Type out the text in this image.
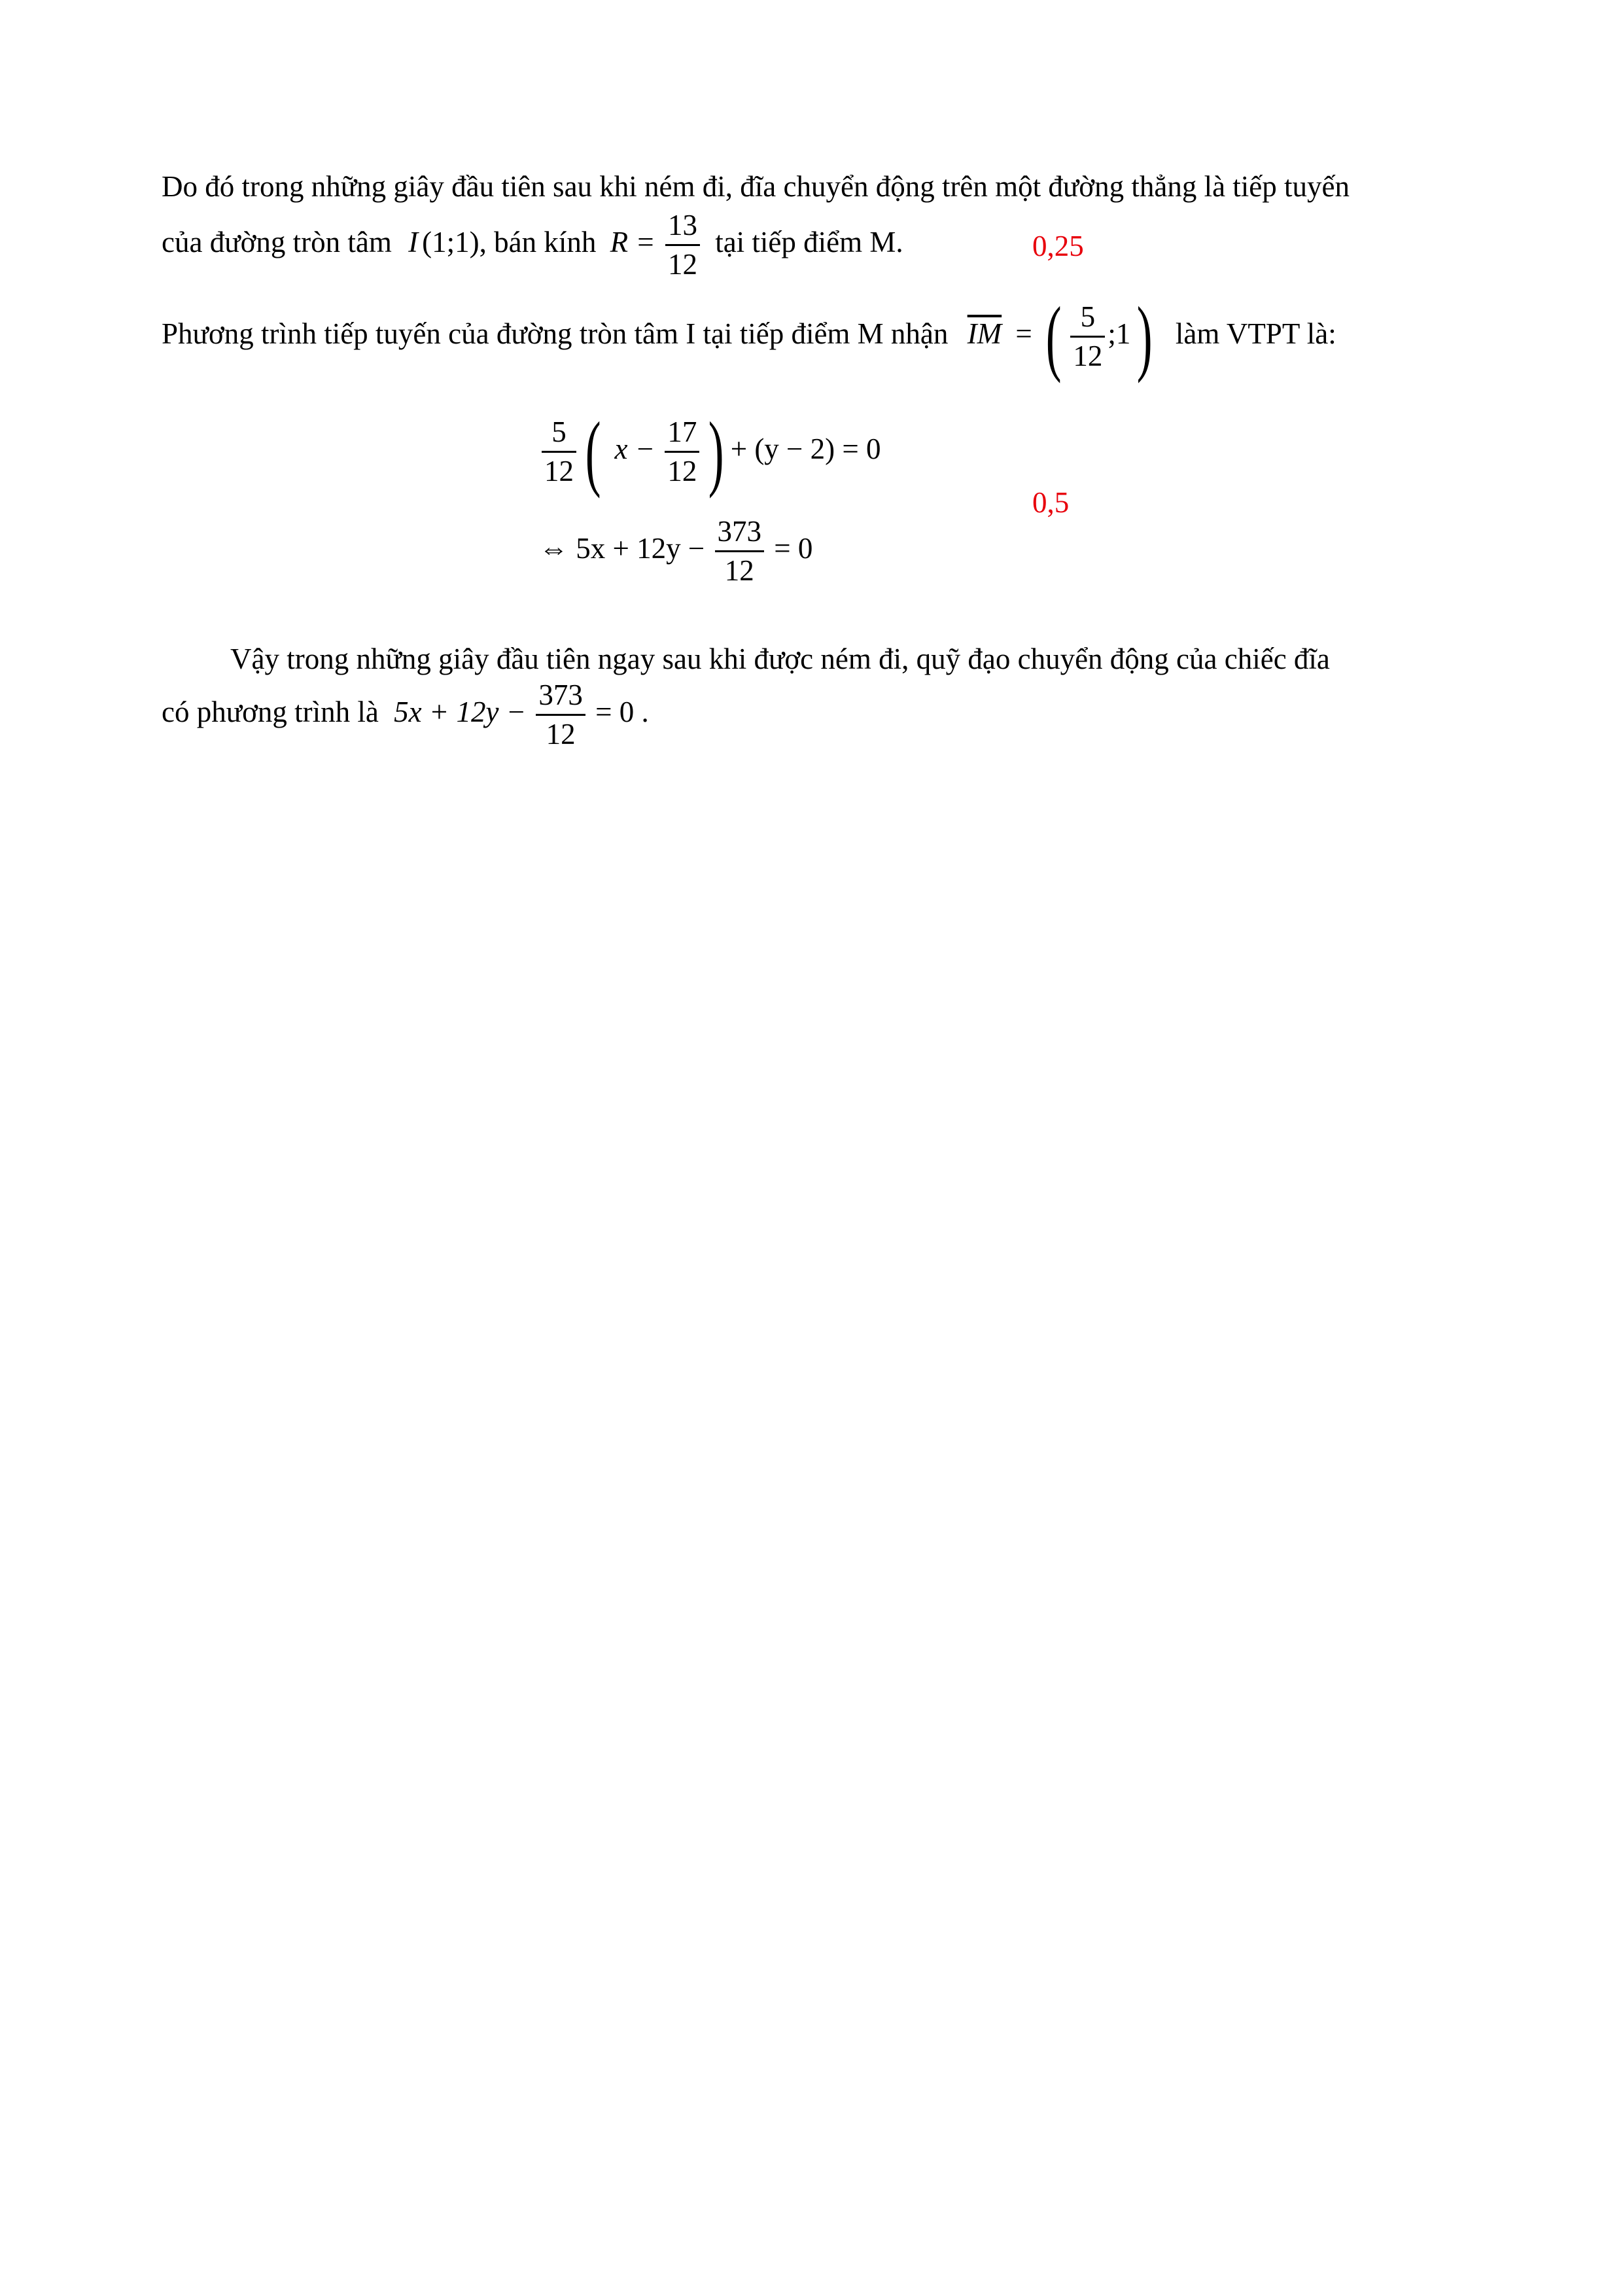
Do đó trong những giây đầu tiên sau khi ném đi, đĩa chuyển động trên một đường thẳng là tiếp tuyến
của đường tròn tâm I (1;1), bán kính $R = \frac{13}{12}$ tại tiếp điểm M.	0,25
Phương trình tiếp tuyến của đường tròn tâm I tại tiếp điểm M nhận $\overline{IM}$ = ( $\frac{5}{12}$ ;1) làm VTPT là:
$\frac{5}{12}$ ( $x - \frac{17}{12}$ ) + (y − 2) = 0
0,5
⇔ $5x + 12y - \frac{373}{12} = 0$
Vậy trong những giây đầu tiên ngay sau khi được ném đi, quỹ đạo chuyển động của chiếc đĩa
có phương trình là $5x + 12y - \frac{373}{12} = 0$ .
